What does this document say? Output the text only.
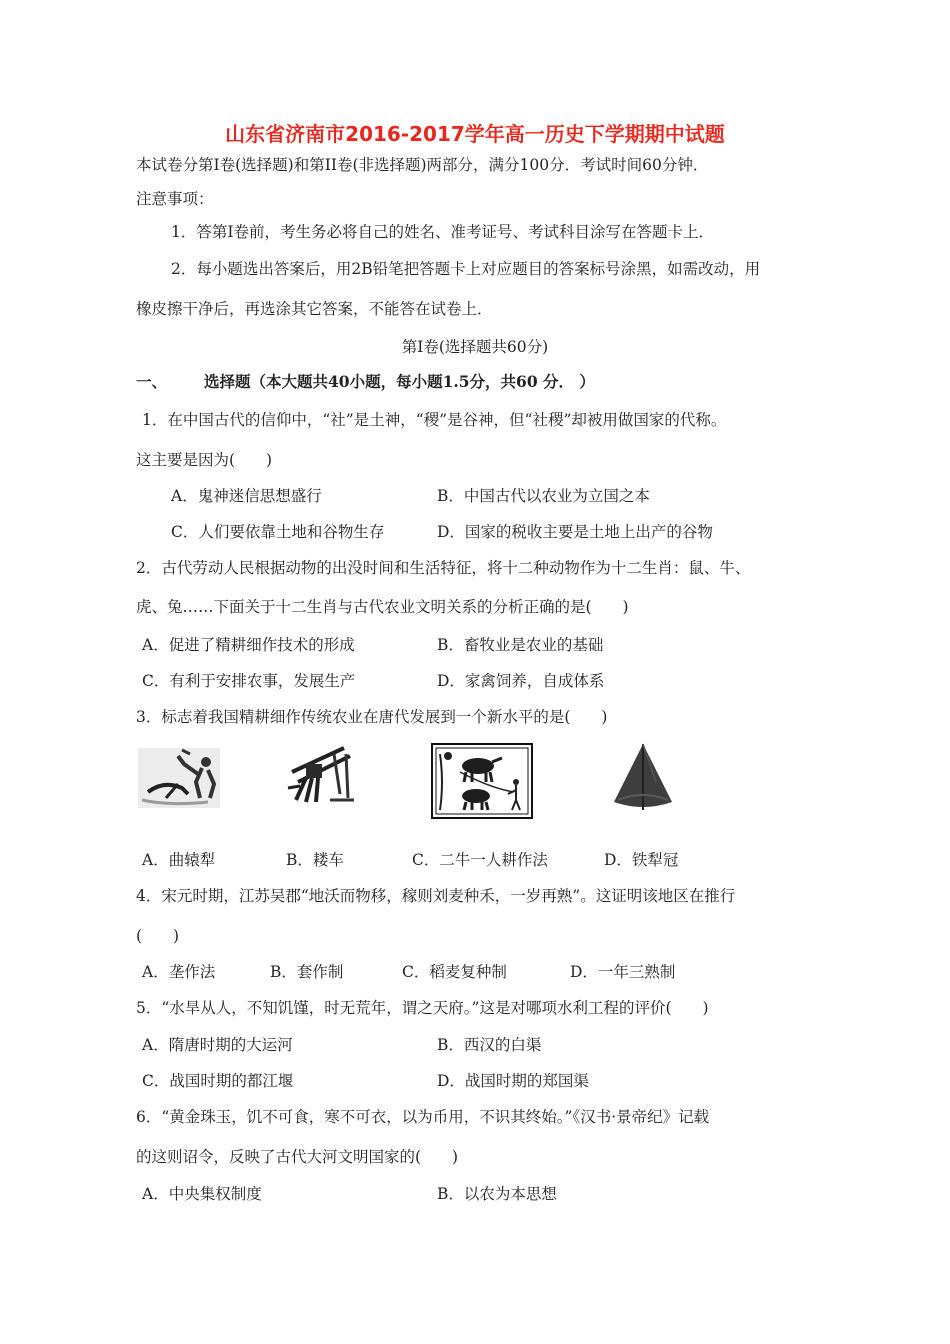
山东省济南市2016-2017学年高一历史下学期期中试题
本试卷分第I卷(选择题)和第II卷(非选择题)两部分，满分100分．考试时间60分钟．
注意事项：
1．答第I卷前，考生务必将自己的姓名、准考证号、考试科目涂写在答题卡上．
2．每小题选出答案后，用2B铅笔把答题卡上对应题目的答案标号涂黑，如需改动，用
橡皮擦干净后，再选涂其它答案，不能答在试卷上．
第I卷(选择题共60分)
一、 选择题（本大题共40小题，每小题1.5分，共60 分． ）
1．在中国古代的信仰中，“社”是土神，“稷”是谷神，但“社稷”却被用做国家的代称。
这主要是因为(　　)
A．鬼神迷信思想盛行	B．中国古代以农业为立国之本
C．人们要依靠土地和谷物生存	D．国家的税收主要是土地上出产的谷物
2．古代劳动人民根据动物的出没时间和生活特征，将十二种动物作为十二生肖：鼠、牛、
虎、兔……下面关于十二生肖与古代农业文明关系的分析正确的是(　　)
A．促进了精耕细作技术的形成	B．畜牧业是农业的基础
C．有利于安排农事，发展生产	D．家禽饲养，自成体系
3．标志着我国精耕细作传统农业在唐代发展到一个新水平的是(　　)
A．曲辕犁	B．耧车	C．二牛一人耕作法	D．铁犁冠
4．宋元时期，江苏吴郡“地沃而物移，稼则刘麦种禾，一岁再熟”。这证明该地区在推行
(　　)
A．垄作法	B．套作制	C．稻麦复种制	D．一年三熟制
5．“水旱从人，不知饥馑，时无荒年，谓之天府。”这是对哪项水利工程的评价(　　)
A．隋唐时期的大运河	B．西汉的白渠
C．战国时期的都江堰	D．战国时期的郑国渠
6．“黄金珠玉，饥不可食，寒不可衣，以为币用，不识其终始。”《汉书·景帝纪》记载
的这则诏令，反映了古代大河文明国家的(　　)
A．中央集权制度	B．以农为本思想
